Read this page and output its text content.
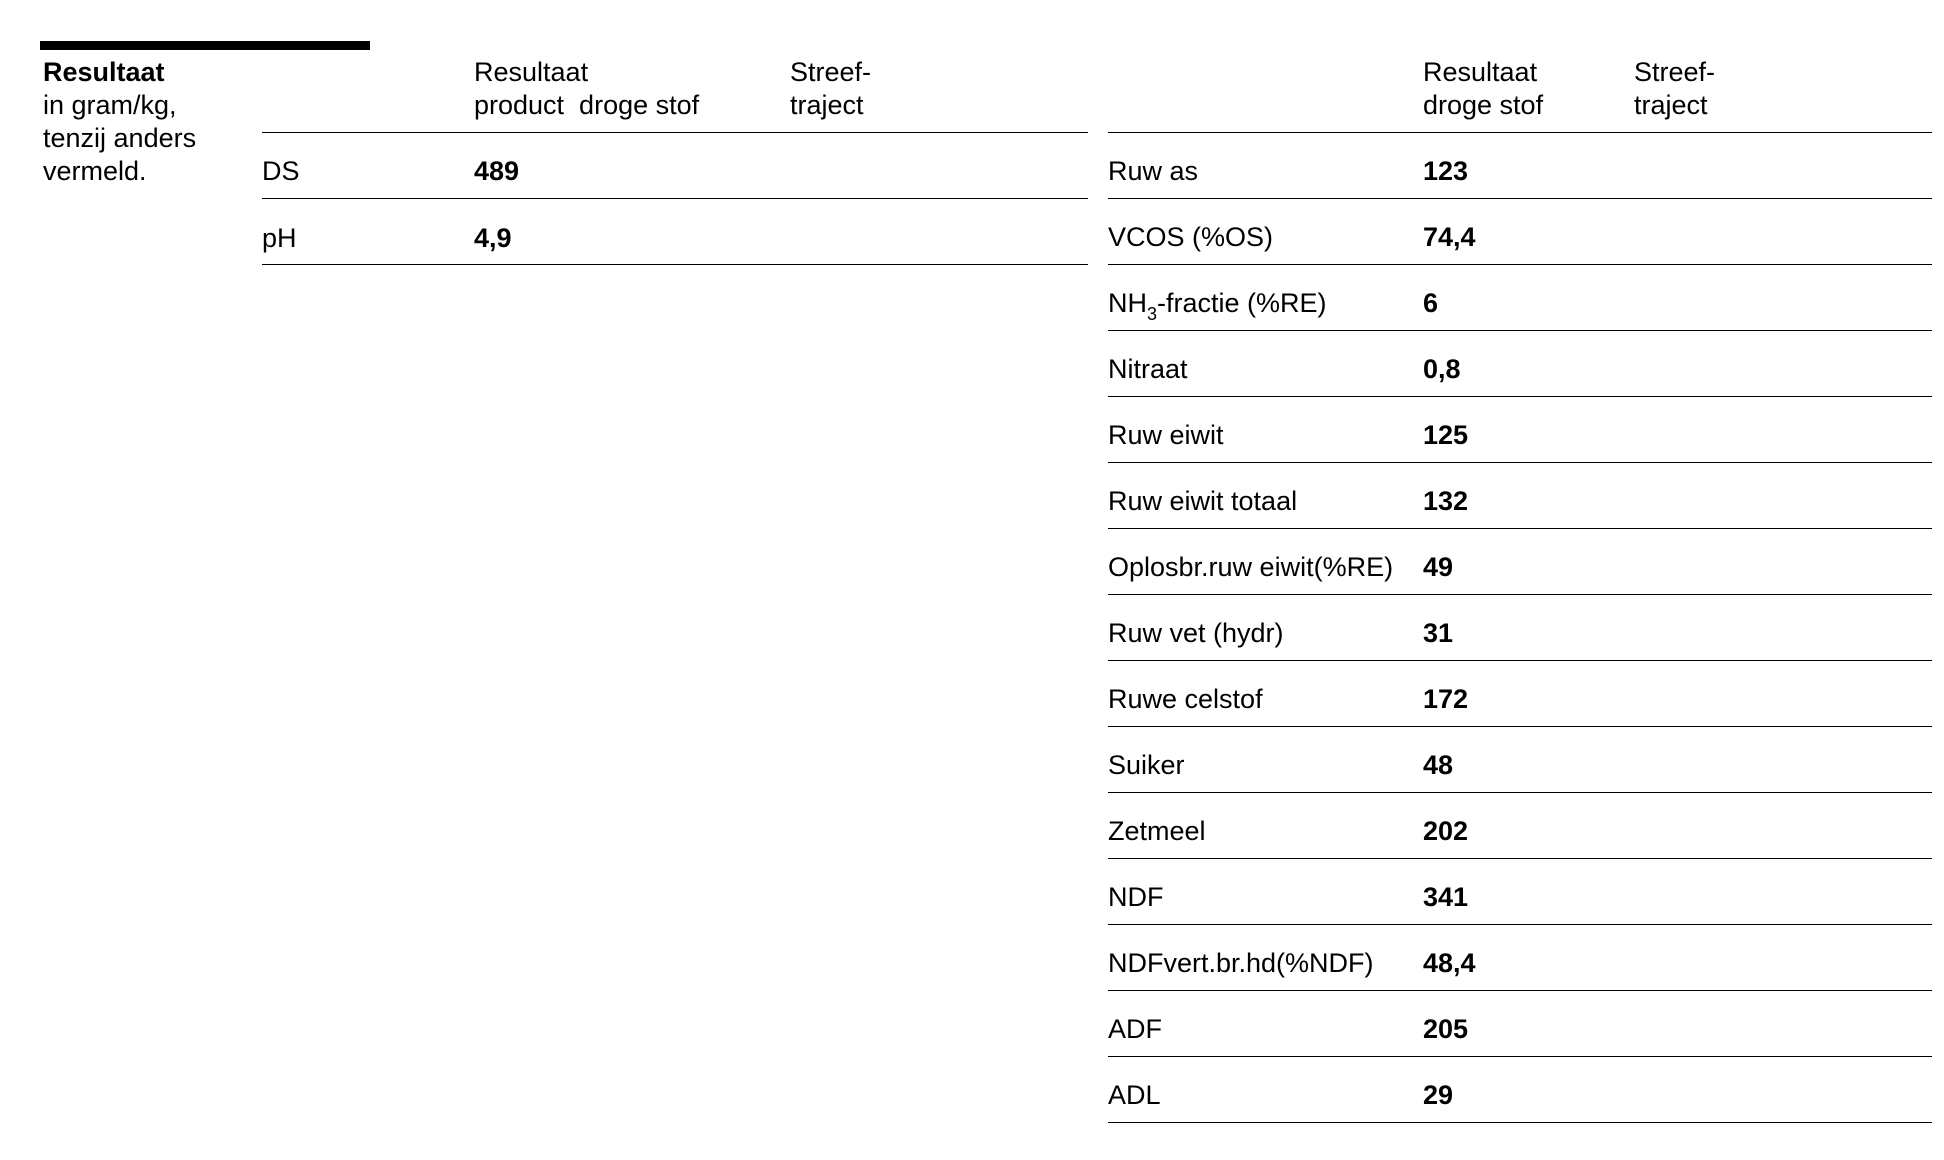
Resultaat
in gram/kg,
tenzij anders
vermeld.
Resultaat
product  droge stof
Streef-
traject
DS	489
pH	4,9
Resultaat
droge stof
Streef-
traject
Ruw as	123
VCOS (%OS)	74,4
$NH_3$-fractie (%RE)	6
Nitraat	0,8
Ruw eiwit	125
Ruw eiwit totaal	132
Oplosbr.ruw eiwit(%RE) 49
Ruw vet (hydr)	31
Ruwe celstof	172
Suiker	48
Zetmeel	202
NDF	341
NDFvert.br.hd(%NDF) 48,4
ADF	205
ADL	29
